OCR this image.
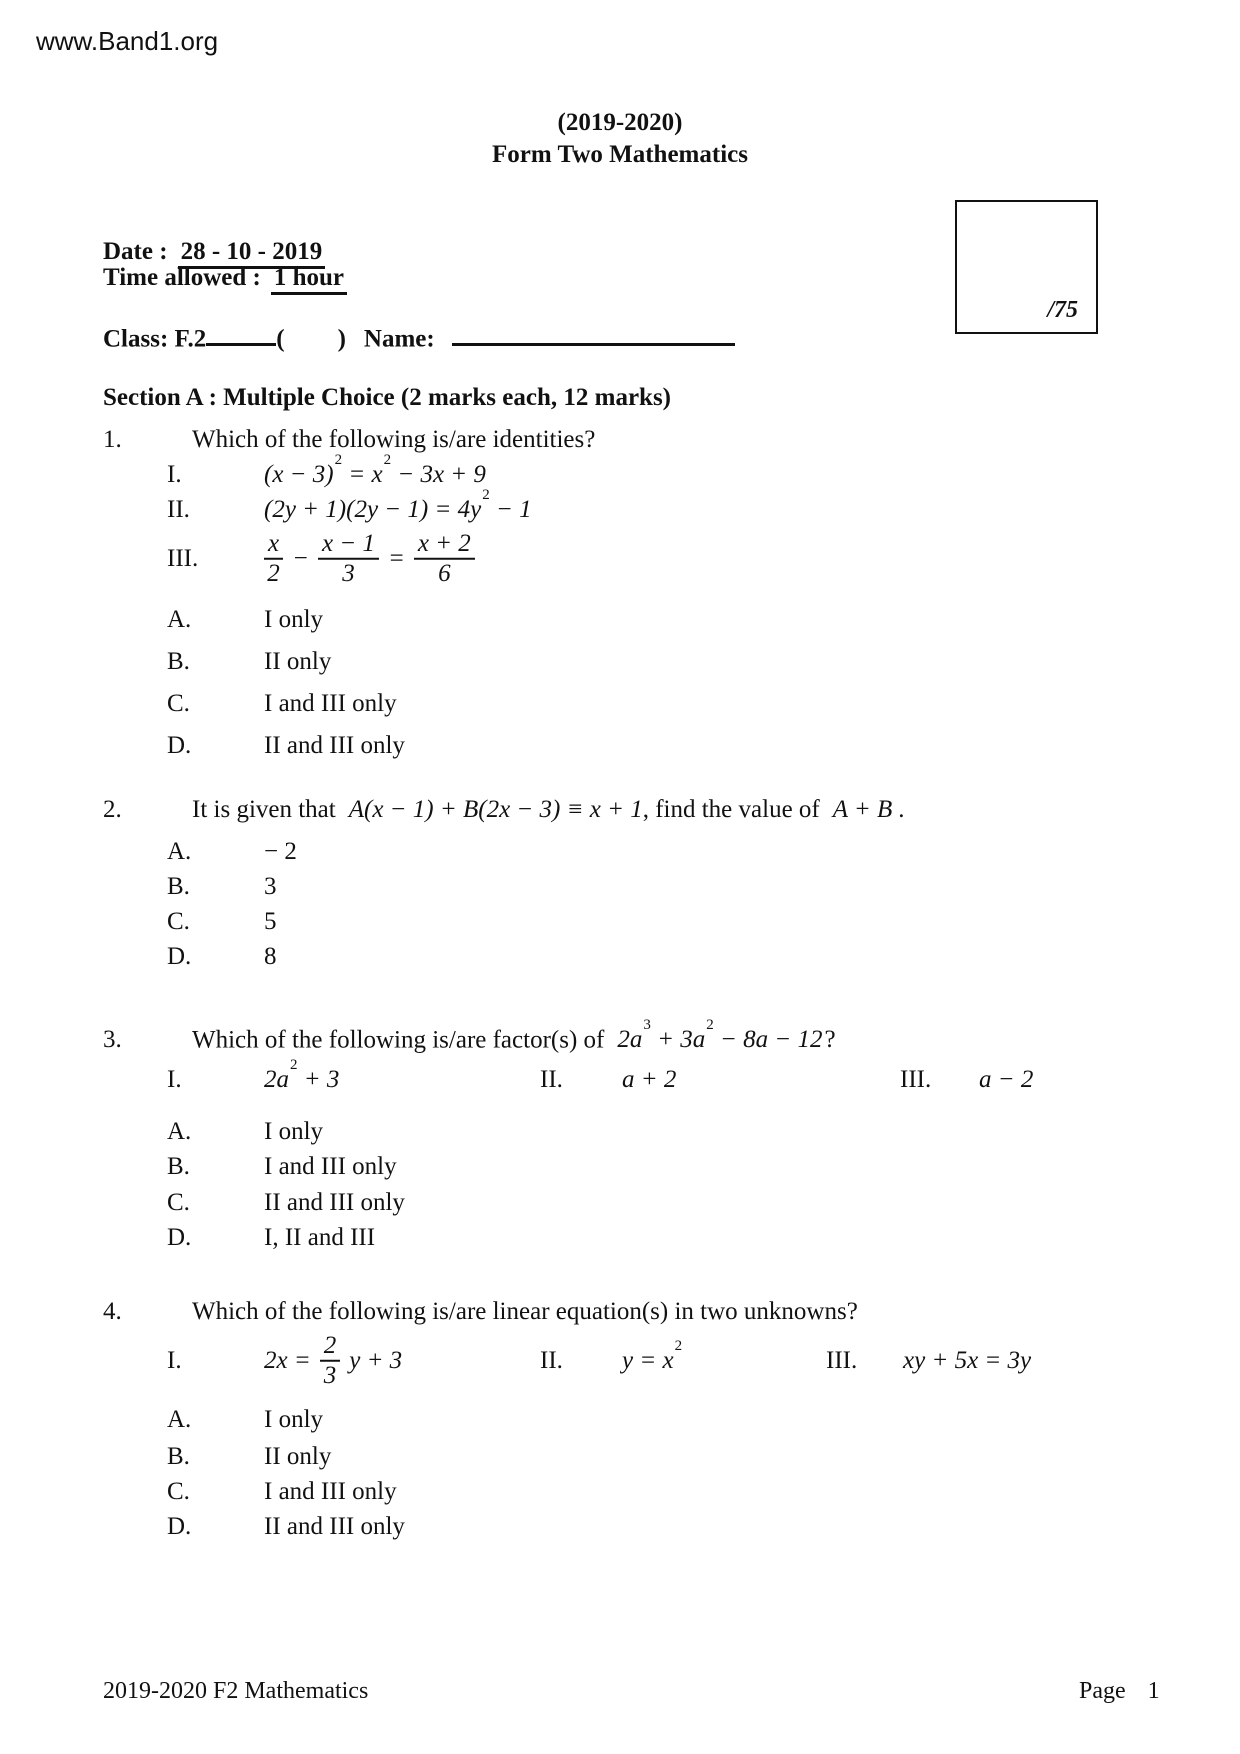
www.Band1.org
(2019-2020)
Form Two Mathematics
/75
Date : 28 - 10 - 2019
Time allowed : 1 hour
Class: F.2	( ) Name:
Section A : Multiple Choice (2 marks each, 12 marks)
1.	Which of the following is/are identities?
I.	$(x - 3)^2 = x^2 - 3x + 9$
II.	$(2y + 1)(2y - 1) = 4y^2 - 1$
III.	$\frac{x}{2} - \frac{x - 1}{3} = \frac{x + 2}{6}$
A.	I only
B.	II only
C.	I and III only
D.	II and III only
2.	It is given that A(x − 1) + B(2x − 3) ≡ x + 1, find the value of A + B .
A.	− 2
B.	3
C.	5
D.	8
3.	Which of the following is/are factor(s) of $2a^3 + 3a^2 - 8a - 12$?
I.	$2a^2 + 3$	II. a + 2	III. a − 2
A.	I only
B.	I and III only
C.	II and III only
D.	I, II and III
4.	Which of the following is/are linear equation(s) in two unknowns?
I.	$2x = \frac{2}{3}$ y + 3	II. $y = x^2$
III. xy + 5x = 3y
A.	I only
B.	II only
C.	I and III only
D.	II and III only
2019-2020 F2 Mathematics	Page 1
